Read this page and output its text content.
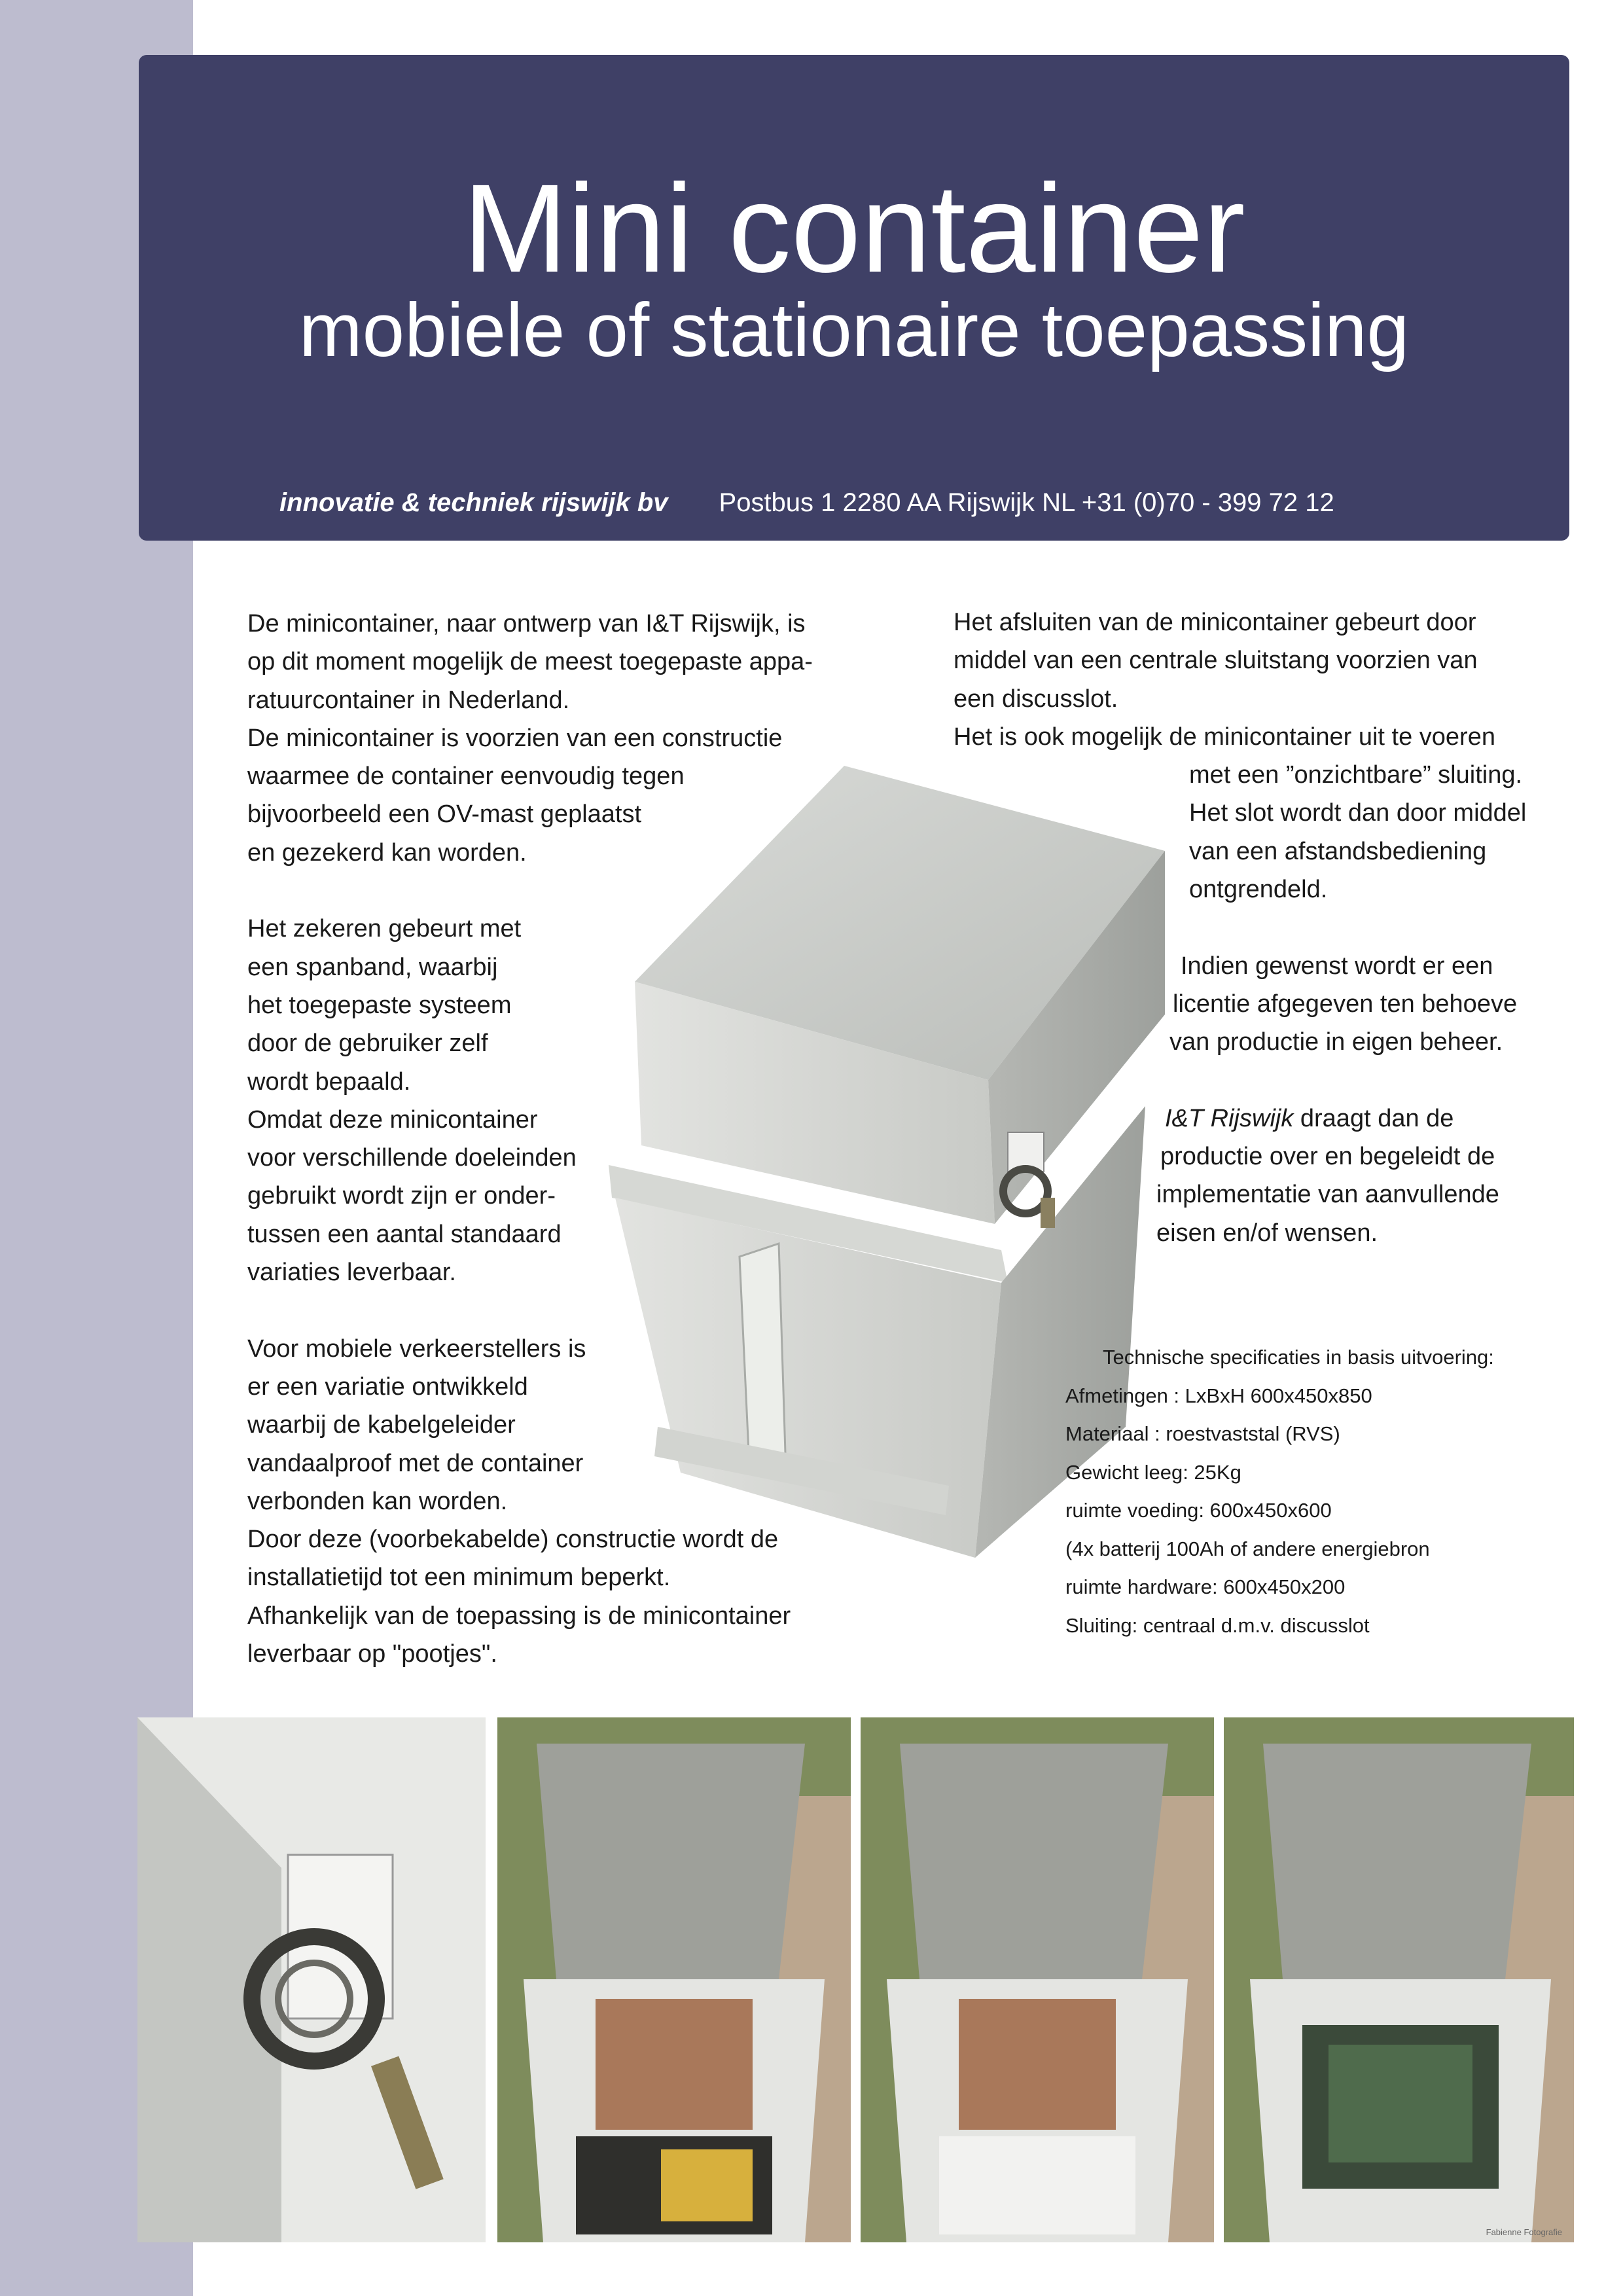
Mini container
mobiele of stationaire toepassing
innovatie & techniek rijswijk bv Postbus 1 2280 AA Rijswijk NL +31 (0)70 - 399 72 12

De minicontainer, naar ontwerp van I&T Rijswijk, is

op dit moment mogelijk de meest toegepaste appa-

ratuurcontainer in Nederland.

De minicontainer is voorzien van een constructie

waarmee de container eenvoudig tegen

bijvoorbeeld een OV-mast geplaatst

en gezekerd kan worden.

Het zekeren gebeurt met

een spanband, waarbij

het toegepaste systeem

door de gebruiker zelf

wordt bepaald.

Omdat deze minicontainer

voor verschillende doeleinden

gebruikt wordt zijn er onder-

tussen een aantal standaard

variaties leverbaar.

Voor mobiele verkeerstellers is

er een variatie ontwikkeld

waarbij de kabelgeleider

vandaalproof met de container

verbonden kan worden.

Door deze (voorbekabelde) constructie wordt de

installatietijd tot een minimum beperkt.

Afhankelijk van de toepassing is de minicontainer

leverbaar op "pootjes".

Het afsluiten van de minicontainer gebeurt door

middel van een centrale sluitstang voorzien van

een discusslot.

Het is ook mogelijk de minicontainer uit te voeren

met een ”onzichtbare” sluiting.

Het slot wordt dan door middel

van een afstandsbediening

ontgrendeld.

Indien gewenst wordt er een

licentie afgegeven ten behoeve

van productie in eigen beheer.

I&T Rijswijk draagt dan de

productie over en begeleidt de

implementatie van aanvullende

eisen en/of wensen.

Technische specificaties in basis uitvoering:

Afmetingen : LxBxH 600x450x850

Materiaal : roestvaststal (RVS)

Gewicht leeg: 25Kg

ruimte voeding: 600x450x600

(4x batterij 100Ah of andere energiebron

ruimte hardware: 600x450x200

Sluiting: centraal d.m.v. discusslot

Fabienne Fotografie
